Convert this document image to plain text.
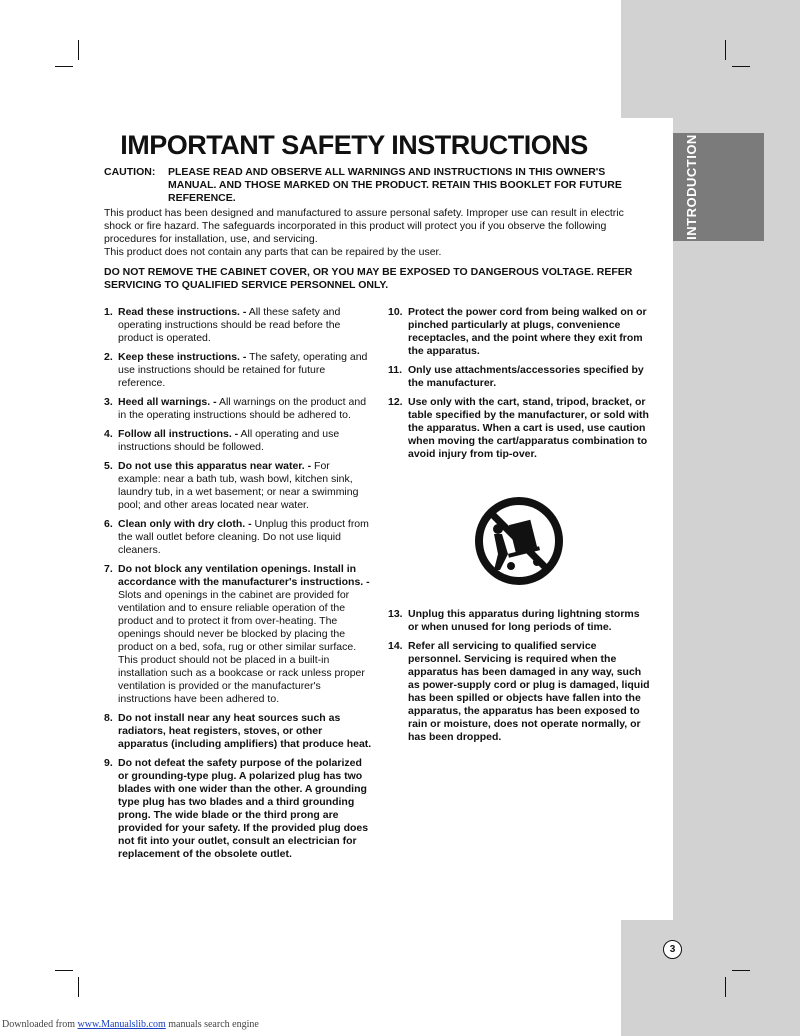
INTRODUCTION
IMPORTANT SAFETY INSTRUCTIONS
CAUTION: PLEASE READ AND OBSERVE ALL WARNINGS AND INSTRUCTIONS IN THIS OWNER'S MANUAL. AND THOSE MARKED ON THE PRODUCT. RETAIN THIS BOOKLET FOR FUTURE REFERENCE.

This product has been designed and manufactured to assure personal safety. Improper use can result in electric shock or fire hazard. The safeguards incorporated in this product will protect you if you observe the following procedures for installation, use, and servicing.

This product does not contain any parts that can be repaired by the user.

DO NOT REMOVE THE CABINET COVER, OR YOU MAY BE EXPOSED TO DANGEROUS VOLTAGE. REFER SERVICING TO QUALIFIED SERVICE PERSONNEL ONLY.
1. Read these instructions. - All these safety and operating instructions should be read before the product is operated.
2. Keep these instructions. - The safety, operating and use instructions should be retained for future reference.
3. Heed all warnings. - All warnings on the product and in the operating instructions should be adhered to.
4. Follow all instructions. - All operating and use instructions should be followed.
5. Do not use this apparatus near water. - For example: near a bath tub, wash bowl, kitchen sink, laundry tub, in a wet basement; or near a swimming pool; and other areas located near water.
6. Clean only with dry cloth. - Unplug this product from the wall outlet before cleaning. Do not use liquid cleaners.
7. Do not block any ventilation openings. Install in accordance with the manufacturer's instructions. - Slots and openings in the cabinet are provided for ventilation and to ensure reliable operation of the product and to protect it from over-heating. The openings should never be blocked by placing the product on a bed, sofa, rug or other similar surface. This product should not be placed in a built-in installation such as a bookcase or rack unless proper ventilation is provided or the manufacturer's instructions have been adhered to.
8. Do not install near any heat sources such as radiators, heat registers, stoves, or other apparatus (including amplifiers) that produce heat.
9. Do not defeat the safety purpose of the polarized or grounding-type plug. A polarized plug has two blades with one wider than the other. A grounding type plug has two blades and a third grounding prong. The wide blade or the third prong are provided for your safety. If the provided plug does not fit into your outlet, consult an electrician for replacement of the obsolete outlet.
10. Protect the power cord from being walked on or pinched particularly at plugs, convenience receptacles, and the point where they exit from the apparatus.
11. Only use attachments/accessories specified by the manufacturer.
12. Use only with the cart, stand, tripod, bracket, or table specified by the manufacturer, or sold with the apparatus. When a cart is used, use caution when moving the cart/apparatus combination to avoid injury from tip-over.
13. Unplug this apparatus during lightning storms or when unused for long periods of time.
14. Refer all servicing to qualified service personnel. Servicing is required when the apparatus has been damaged in any way, such as power-supply cord or plug is damaged, liquid has been spilled or objects have fallen into the apparatus, the apparatus has been exposed to rain or moisture, does not operate normally, or has been dropped.
3
Downloaded from www.Manualslib.com manuals search engine
